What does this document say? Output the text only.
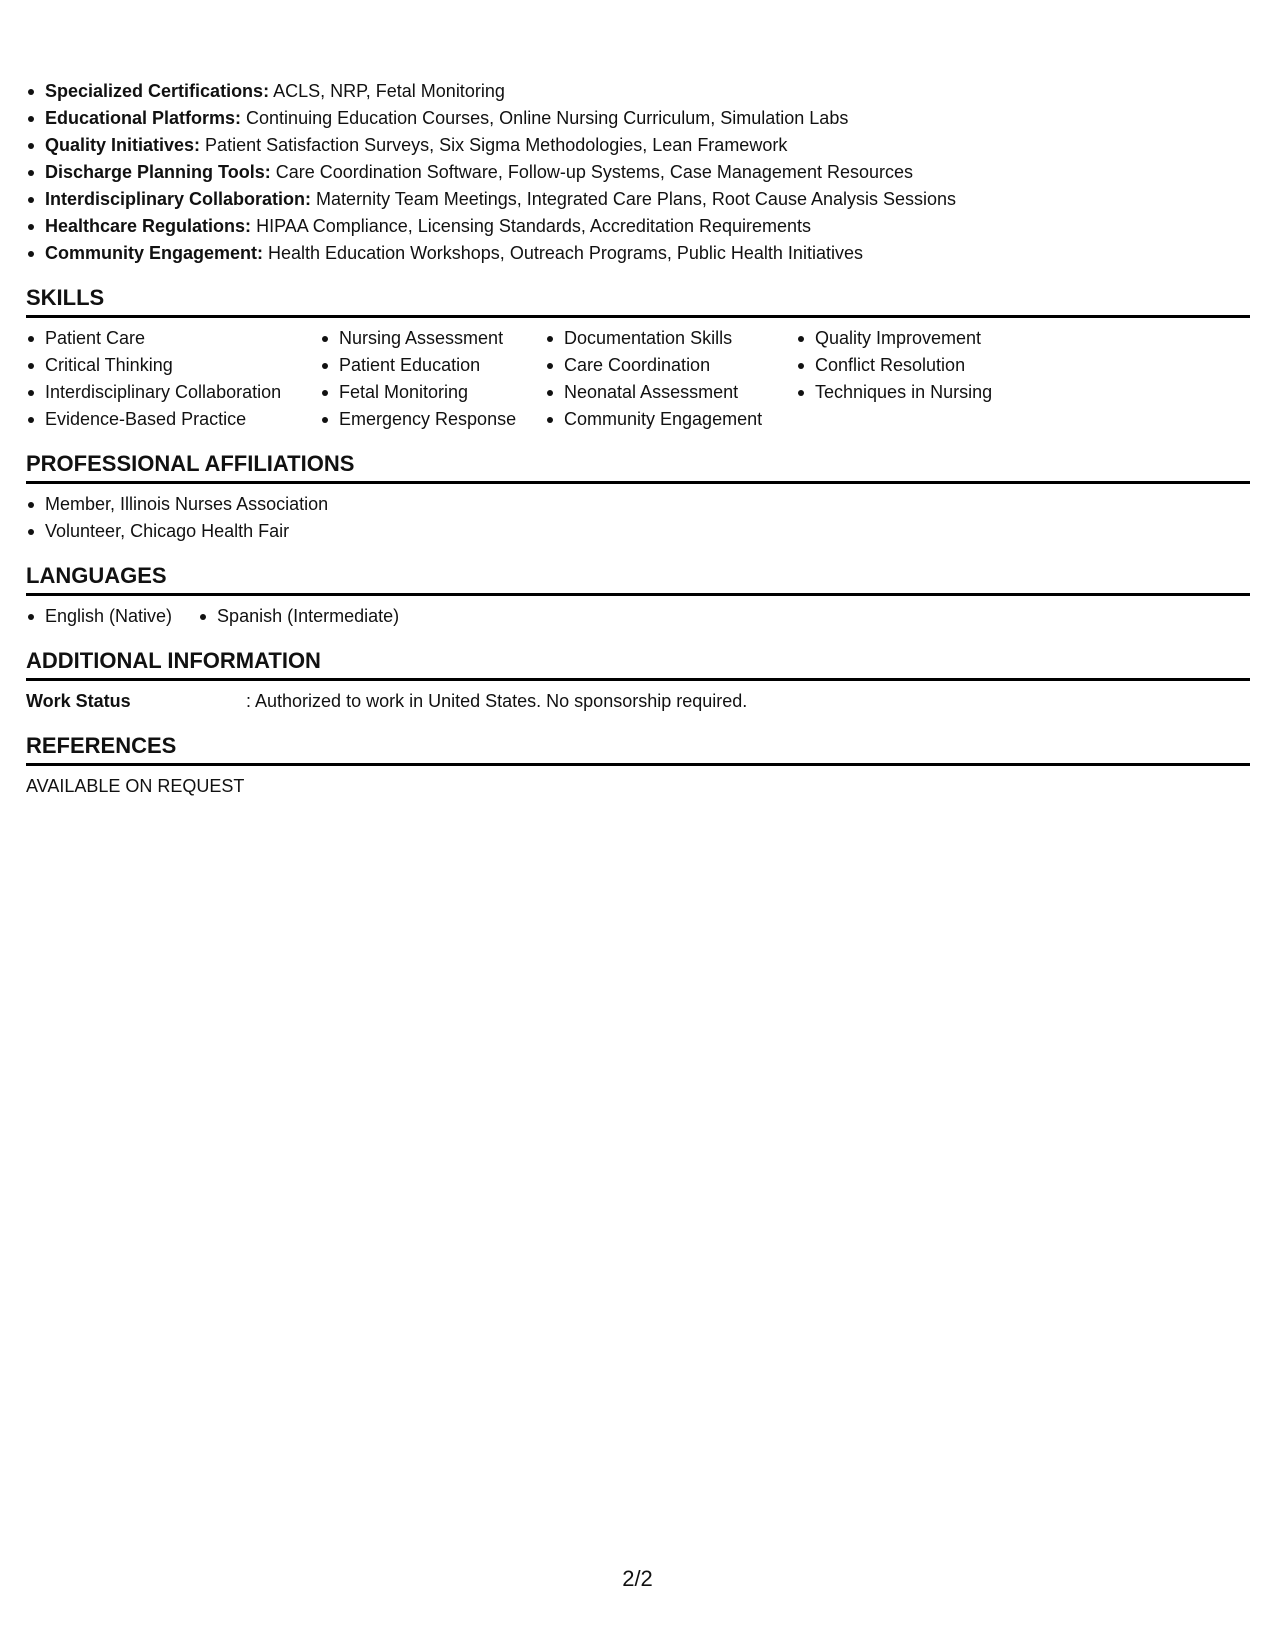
Specialized Certifications: ACLS, NRP, Fetal Monitoring
Educational Platforms: Continuing Education Courses, Online Nursing Curriculum, Simulation Labs
Quality Initiatives: Patient Satisfaction Surveys, Six Sigma Methodologies, Lean Framework
Discharge Planning Tools: Care Coordination Software, Follow-up Systems, Case Management Resources
Interdisciplinary Collaboration: Maternity Team Meetings, Integrated Care Plans, Root Cause Analysis Sessions
Healthcare Regulations: HIPAA Compliance, Licensing Standards, Accreditation Requirements
Community Engagement: Health Education Workshops, Outreach Programs, Public Health Initiatives
SKILLS
Patient Care
Critical Thinking
Interdisciplinary Collaboration
Evidence-Based Practice
Nursing Assessment
Patient Education
Fetal Monitoring
Emergency Response
Documentation Skills
Care Coordination
Neonatal Assessment
Community Engagement
Quality Improvement
Conflict Resolution
Techniques in Nursing
PROFESSIONAL AFFILIATIONS
Member, Illinois Nurses Association
Volunteer, Chicago Health Fair
LANGUAGES
English (Native)	Spanish (Intermediate)
ADDITIONAL INFORMATION
Work Status	: Authorized to work in United States. No sponsorship required.
REFERENCES
AVAILABLE ON REQUEST
2/2
